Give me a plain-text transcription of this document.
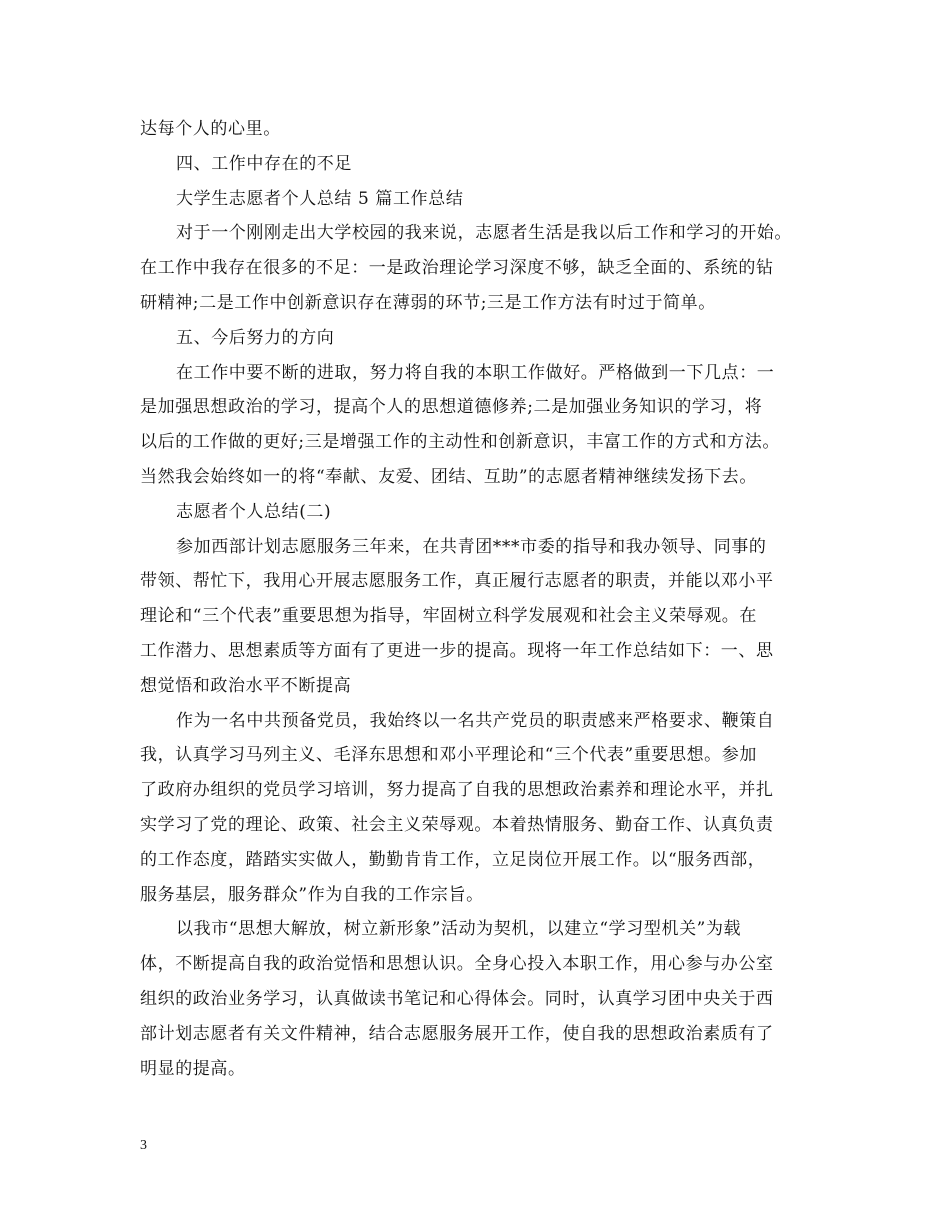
达每个人的心里。
四、工作中存在的不足
大学生志愿者个人总结 5 篇工作总结
对于一个刚刚走出大学校园的我来说，志愿者生活是我以后工作和学习的开始。
在工作中我存在很多的不足：一是政治理论学习深度不够，缺乏全面的、系统的钻
研精神;二是工作中创新意识存在薄弱的环节;三是工作方法有时过于简单。
五、今后努力的方向
在工作中要不断的进取，努力将自我的本职工作做好。严格做到一下几点：一
是加强思想政治的学习，提高个人的思想道德修养;二是加强业务知识的学习，将
以后的工作做的更好;三是增强工作的主动性和创新意识，丰富工作的方式和方法。
当然我会始终如一的将“奉献、友爱、团结、互助”的志愿者精神继续发扬下去。
志愿者个人总结(二)
参加西部计划志愿服务三年来，在共青团***市委的指导和我办领导、同事的
带领、帮忙下，我用心开展志愿服务工作，真正履行志愿者的职责，并能以邓小平
理论和“三个代表”重要思想为指导，牢固树立科学发展观和社会主义荣辱观。在
工作潜力、思想素质等方面有了更进一步的提高。现将一年工作总结如下：一、思
想觉悟和政治水平不断提高
作为一名中共预备党员，我始终以一名共产党员的职责感来严格要求、鞭策自
我，认真学习马列主义、毛泽东思想和邓小平理论和“三个代表”重要思想。参加
了政府办组织的党员学习培训，努力提高了自我的思想政治素养和理论水平，并扎
实学习了党的理论、政策、社会主义荣辱观。本着热情服务、勤奋工作、认真负责
的工作态度，踏踏实实做人，勤勤肯肯工作，立足岗位开展工作。以“服务西部，
服务基层，服务群众”作为自我的工作宗旨。
以我市“思想大解放，树立新形象”活动为契机，以建立“学习型机关”为载
体，不断提高自我的政治觉悟和思想认识。全身心投入本职工作，用心参与办公室
组织的政治业务学习，认真做读书笔记和心得体会。同时，认真学习团中央关于西
部计划志愿者有关文件精神，结合志愿服务展开工作，使自我的思想政治素质有了
明显的提高。
3
